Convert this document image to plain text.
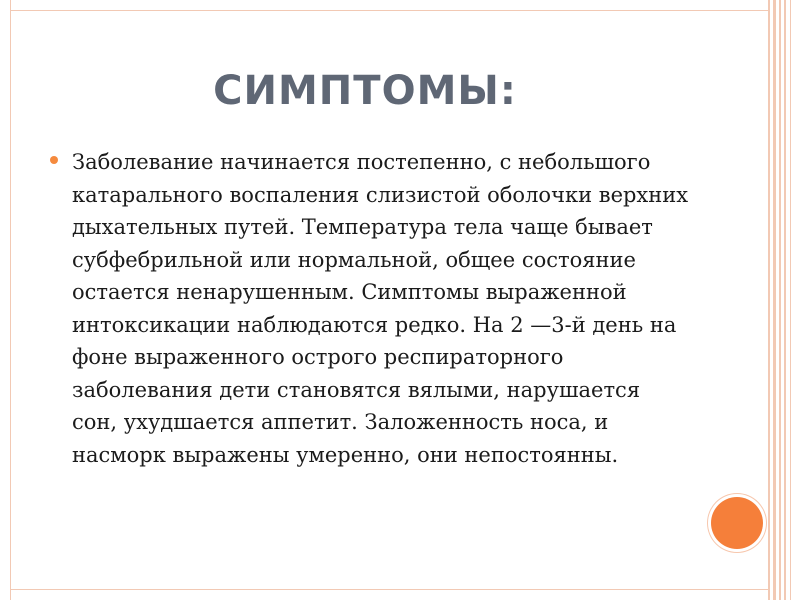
СИМПТОМЫ:

Заболевание начинается постепенно, с небольшого катарального воспаления слизистой оболочки верхних дыхательных путей. Температура тела чаще бывает субфебрильной или нормальной, общее состояние остается ненарушенным. Симптомы выраженной интоксикации наблюдаются редко. На 2 —3-й день на фоне выраженного острого респираторного заболевания дети становятся вялыми, нарушается сон, ухудшается аппетит. Заложенность носа, и насморк выражены умеренно, они непостоянны.
